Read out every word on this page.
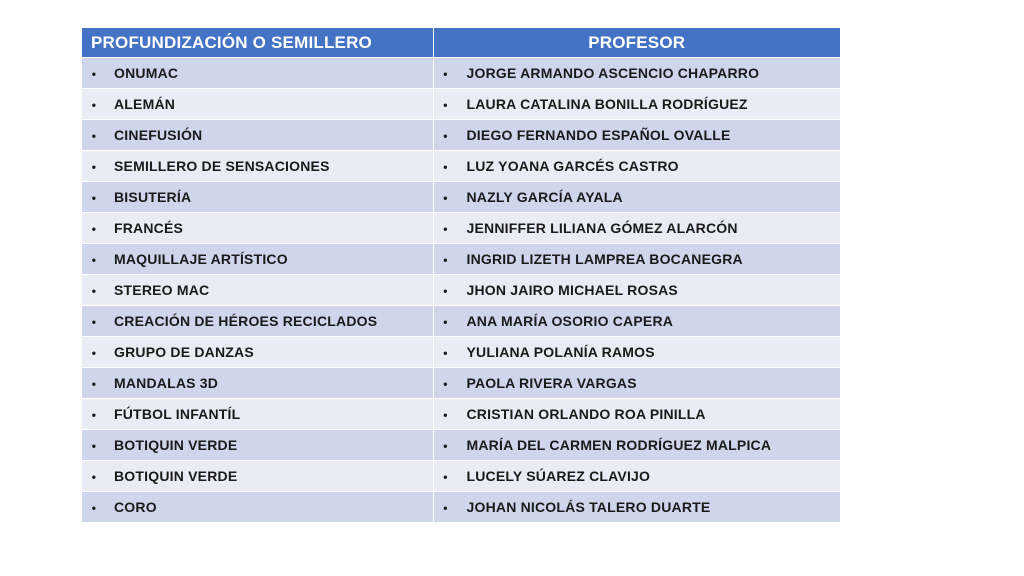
PROFUNDIZACIÓN O SEMILLERO	PROFESOR
• ONUMAC	• JORGE ARMANDO ASCENCIO CHAPARRO
• ALEMÁN	• LAURA CATALINA BONILLA RODRÍGUEZ
• CINEFUSIÓN	• DIEGO FERNANDO ESPAÑOL OVALLE
• SEMILLERO DE SENSACIONES	• LUZ YOANA GARCÉS CASTRO
• BISUTERÍA	• NAZLY GARCÍA AYALA
• FRANCÉS	• JENNIFFER LILIANA GÓMEZ ALARCÓN
• MAQUILLAJE ARTÍSTICO	• INGRID LIZETH LAMPREA BOCANEGRA
• STEREO MAC	• JHON JAIRO MICHAEL ROSAS
• CREACIÓN DE HÉROES RECICLADOS	• ANA MARÍA OSORIO CAPERA
• GRUPO DE DANZAS	• YULIANA POLANÍA RAMOS
• MANDALAS 3D	• PAOLA RIVERA VARGAS
• FÚTBOL INFANTÍL	• CRISTIAN ORLANDO ROA PINILLA
• BOTIQUIN VERDE	• MARÍA DEL CARMEN RODRÍGUEZ MALPICA
• BOTIQUIN VERDE	• LUCELY SÚAREZ CLAVIJO
• CORO	• JOHAN NICOLÁS TALERO DUARTE
